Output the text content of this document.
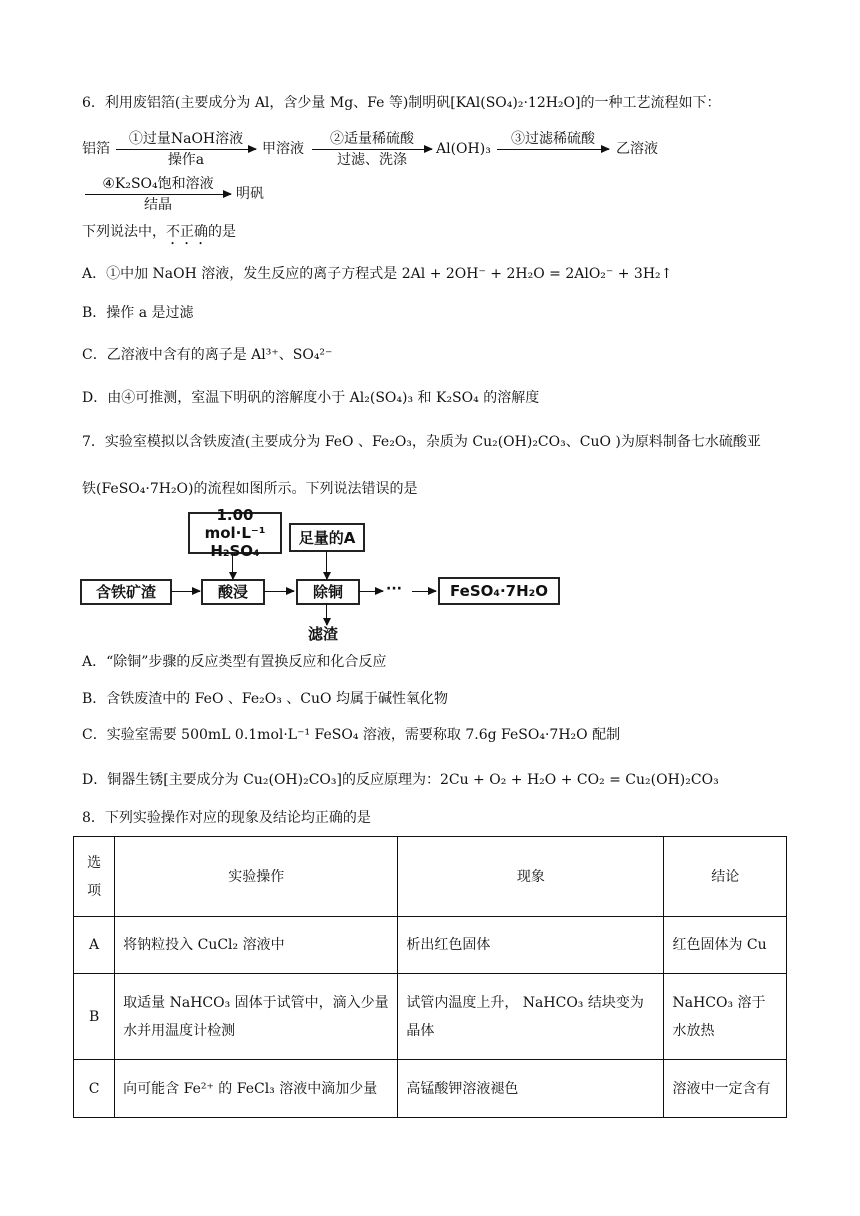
6．利用废铝箔(主要成分为 Al，含少量 Mg、Fe 等)制明矾[KAl(SO₄)₂·12H₂O]的一种工艺流程如下：
铝箔
①过量NaOH溶液
操作a
甲溶液
②适量稀硫酸
过滤、洗涤
Al(OH)₃
③过滤稀硫酸
乙溶液
④K₂SO₄饱和溶液
结晶
明矾
下列说法中，不正确的是
A．①中加 NaOH 溶液，发生反应的离子方程式是 2Al + 2OH⁻ + 2H₂O = 2AlO₂⁻ + 3H₂↑
B．操作 a 是过滤
C．乙溶液中含有的离子是 Al³⁺、SO₄²⁻
D．由④可推测，室温下明矾的溶解度小于 Al₂(SO₄)₃ 和 K₂SO₄ 的溶解度
7．实验室模拟以含铁废渣(主要成分为 FeO 、Fe₂O₃，杂质为 Cu₂(OH)₂CO₃、CuO )为原料制备七水硫酸亚
铁(FeSO₄·7H₂O)的流程如图所示。下列说法错误的是
1.00 mol·L⁻¹
H₂SO₄
足量的A
含铁矿渣	酸浸	除铜	···	FeSO₄·7H₂O
滤渣
A．“除铜”步骤的反应类型有置换反应和化合反应
B．含铁废渣中的 FeO 、Fe₂O₃ 、CuO 均属于碱性氧化物
C．实验室需要 500mL 0.1mol·L⁻¹ FeSO₄ 溶液，需要称取 7.6g FeSO₄·7H₂O 配制
D．铜器生锈[主要成分为 Cu₂(OH)₂CO₃]的反应原理为：2Cu + O₂ + H₂O + CO₂ = Cu₂(OH)₂CO₃
8．下列实验操作对应的现象及结论均正确的是
选项	实验操作	现象	结论
A	将钠粒投入 CuCl₂ 溶液中	析出红色固体	红色固体为 Cu
B	取适量 NaHCO₃ 固体于试管中，滴入少量水并用温度计检测	试管内温度上升， NaHCO₃ 结块变为晶体	NaHCO₃ 溶于水放热
C	向可能含 Fe²⁺ 的 FeCl₃ 溶液中滴加少量	高锰酸钾溶液褪色	溶液中一定含有
